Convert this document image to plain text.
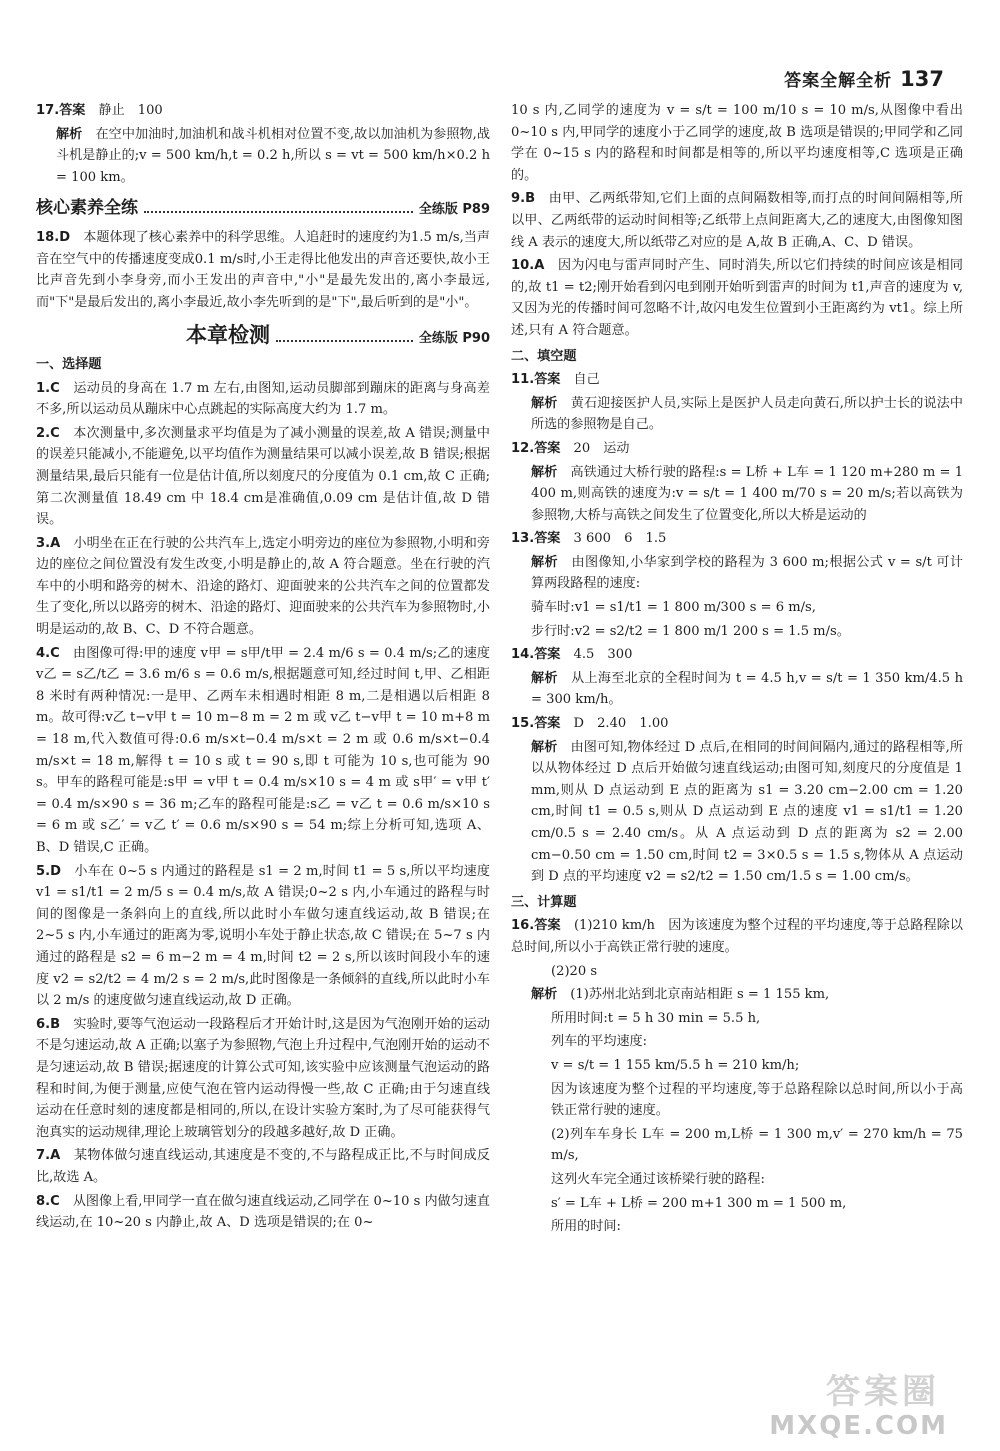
答案全解全析 137

17.答案　 静止　100

解析　 在空中加油时,加油机和战斗机相对位置不变,故以加油机为参照物,战斗机是静止的;v = 500 km/h,t = 0.2 h,所以 s = vt = 500 km/h×0.2 h = 100 km。

核心素养全练	全练版 P89

18.D　 本题体现了核心素养中的科学思维。人追赶时的速度约为1.5 m/s,当声音在空气中的传播速度变成0.1 m/s时,小王走得比他发出的声音还要快,故小王比声音先到小李身旁,而小王发出的声音中,"小"是最先发出的,离小李最远,而"下"是最后发出的,离小李最近,故小李先听到的是"下",最后听到的是"小"。

本章检测	全练版 P90
一、选择题

1.C　 运动员的身高在 1.7 m 左右,由图知,运动员脚部到蹦床的距离与身高差不多,所以运动员从蹦床中心点跳起的实际高度大约为 1.7 m。

2.C　 本次测量中,多次测量求平均值是为了减小测量的误差,故 A 错误;测量中的误差只能减小,不能避免,以平均值作为测量结果可以减小误差,故 B 错误;根据测量结果,最后只能有一位是估计值,所以刻度尺的分度值为 0.1 cm,故 C 正确;第二次测量值 18.49 cm 中 18.4 cm是准确值,0.09 cm 是估计值,故 D 错误。

3.A　 小明坐在正在行驶的公共汽车上,选定小明旁边的座位为参照物,小明和旁边的座位之间位置没有发生改变,小明是静止的,故 A 符合题意。坐在行驶的汽车中的小明和路旁的树木、沿途的路灯、迎面驶来的公共汽车之间的位置都发生了变化,所以以路旁的树木、沿途的路灯、迎面驶来的公共汽车为参照物时,小明是运动的,故 B、C、D 不符合题意。

4.C　 由图像可得:甲的速度 v甲 = s甲/t甲 = 2.4 m/6 s = 0.4 m/s;乙的速度 v乙 = s乙/t乙 = 3.6 m/6 s = 0.6 m/s,根据题意可知,经过时间 t,甲、乙相距 8 米时有两种情况:一是甲、乙两车未相遇时相距 8 m,二是相遇以后相距 8 m。故可得:v乙 t−v甲 t = 10 m−8 m = 2 m 或 v乙 t−v甲 t = 10 m+8 m = 18 m,代入数值可得:0.6 m/s×t−0.4 m/s×t = 2 m 或 0.6 m/s×t−0.4 m/s×t = 18 m,解得 t = 10 s 或 t = 90 s,即 t 可能为 10 s,也可能为 90 s。甲车的路程可能是:s甲 = v甲 t = 0.4 m/s×10 s = 4 m 或 s甲′ = v甲 t′ = 0.4 m/s×90 s = 36 m;乙车的路程可能是:s乙 = v乙 t = 0.6 m/s×10 s = 6 m 或 s乙′ = v乙 t′ = 0.6 m/s×90 s = 54 m;综上分析可知,选项 A、B、D 错误,C 正确。

5.D　 小车在 0~5 s 内通过的路程是 s1 = 2 m,时间 t1 = 5 s,所以平均速度 v1 = s1/t1 = 2 m/5 s = 0.4 m/s,故 A 错误;0~2 s 内,小车通过的路程与时间的图像是一条斜向上的直线,所以此时小车做匀速直线运动,故 B 错误;在 2~5 s 内,小车通过的距离为零,说明小车处于静止状态,故 C 错误;在 5~7 s 内通过的路程是 s2 = 6 m−2 m = 4 m,时间 t2 = 2 s,所以该时间段小车的速度 v2 = s2/t2 = 4 m/2 s = 2 m/s,此时图像是一条倾斜的直线,所以此时小车以 2 m/s 的速度做匀速直线运动,故 D 正确。

6.B　 实验时,要等气泡运动一段路程后才开始计时,这是因为气泡刚开始的运动不是匀速运动,故 A 正确;以塞子为参照物,气泡上升过程中,气泡刚开始的运动不是匀速运动,故 B 错误;据速度的计算公式可知,该实验中应该测量气泡运动的路程和时间,为便于测量,应使气泡在管内运动得慢一些,故 C 正确;由于匀速直线运动在任意时刻的速度都是相同的,所以,在设计实验方案时,为了尽可能获得气泡真实的运动规律,理论上玻璃管划分的段越多越好,故 D 正确。

7.A　 某物体做匀速直线运动,其速度是不变的,不与路程成正比,不与时间成反比,故选 A。

8.C　 从图像上看,甲同学一直在做匀速直线运动,乙同学在 0~10 s 内做匀速直线运动,在 10~20 s 内静止,故 A、D 选项是错误的;在 0~

10 s 内,乙同学的速度为 v = s/t = 100 m/10 s = 10 m/s,从图像中看出 0~10 s 内,甲同学的速度小于乙同学的速度,故 B 选项是错误的;甲同学和乙同学在 0~15 s 内的路程和时间都是相等的,所以平均速度相等,C 选项是正确的。

9.B　 由甲、乙两纸带知,它们上面的点间隔数相等,而打点的时间间隔相等,所以甲、乙两纸带的运动时间相等;乙纸带上点间距离大,乙的速度大,由图像知图线 A 表示的速度大,所以纸带乙对应的是 A,故 B 正确,A、C、D 错误。

10.A　 因为闪电与雷声同时产生、同时消失,所以它们持续的时间应该是相同的,故 t1 = t2;刚开始看到闪电到刚开始听到雷声的时间为 t1,声音的速度为 v,又因为光的传播时间可忽略不计,故闪电发生位置到小王距离约为 vt1。综上所述,只有 A 符合题意。

二、填空题

11.答案　 自己

解析　 黄石迎接医护人员,实际上是医护人员走向黄石,所以护士长的说法中所选的参照物是自己。

12.答案　 20　运动

解析　 高铁通过大桥行驶的路程:s = L桥 + L车 = 1 120 m+280 m = 1 400 m,则高铁的速度为:v = s/t = 1 400 m/70 s = 20 m/s;若以高铁为参照物,大桥与高铁之间发生了位置变化,所以大桥是运动的

13.答案　 3 600　6　1.5

解析　 由图像知,小华家到学校的路程为 3 600 m;根据公式 v = s/t 可计算两段路程的速度:

骑车时:v1 = s1/t1 = 1 800 m/300 s = 6 m/s,

步行时:v2 = s2/t2 = 1 800 m/1 200 s = 1.5 m/s。

14.答案　 4.5　300

解析　 从上海至北京的全程时间为 t = 4.5 h,v = s/t = 1 350 km/4.5 h = 300 km/h。

15.答案　 D　2.40　1.00

解析　 由图可知,物体经过 D 点后,在相同的时间间隔内,通过的路程相等,所以从物体经过 D 点后开始做匀速直线运动;由图可知,刻度尺的分度值是 1 mm,则从 D 点运动到 E 点的距离为 s1 = 3.20 cm−2.00 cm = 1.20 cm,时间 t1 = 0.5 s,则从 D 点运动到 E 点的速度 v1 = s1/t1 = 1.20 cm/0.5 s = 2.40 cm/s。从 A 点运动到 D 点的距离为 s2 = 2.00 cm−0.50 cm = 1.50 cm,时间 t2 = 3×0.5 s = 1.5 s,物体从 A 点运动到 D 点的平均速度 v2 = s2/t2 = 1.50 cm/1.5 s = 1.00 cm/s。

三、计算题

16.答案　 (1)210 km/h　因为该速度为整个过程的平均速度,等于总路程除以总时间,所以小于高铁正常行驶的速度。

(2)20 s

解析　 (1)苏州北站到北京南站相距 s = 1 155 km,

所用时间:t = 5 h 30 min = 5.5 h,

列车的平均速度:

v = s/t = 1 155 km/5.5 h = 210 km/h;

因为该速度为整个过程的平均速度,等于总路程除以总时间,所以小于高铁正常行驶的速度。

(2)列车车身长 L车 = 200 m,L桥 = 1 300 m,v′ = 270 km/h = 75 m/s,

这列火车完全通过该桥梁行驶的路程:

s′ = L车 + L桥 = 200 m+1 300 m = 1 500 m,

所用的时间:

答案圈
MXQE.COM
